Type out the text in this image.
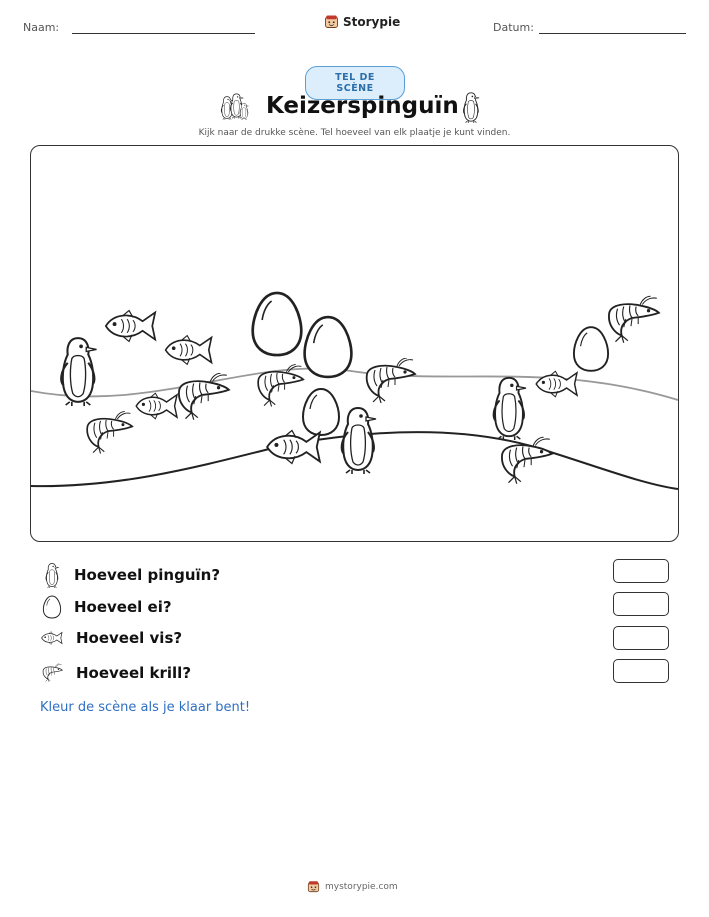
Naam:	Storypie	Datum:
TEL DE SCÈNE
Keizerspinguïn
Kijk naar de drukke scène. Tel hoeveel van elk plaatje je kunt vinden.
Hoeveel pinguïn?
Hoeveel ei?
Hoeveel vis?
Hoeveel krill?
Kleur de scène als je klaar bent!
mystorypie.com
